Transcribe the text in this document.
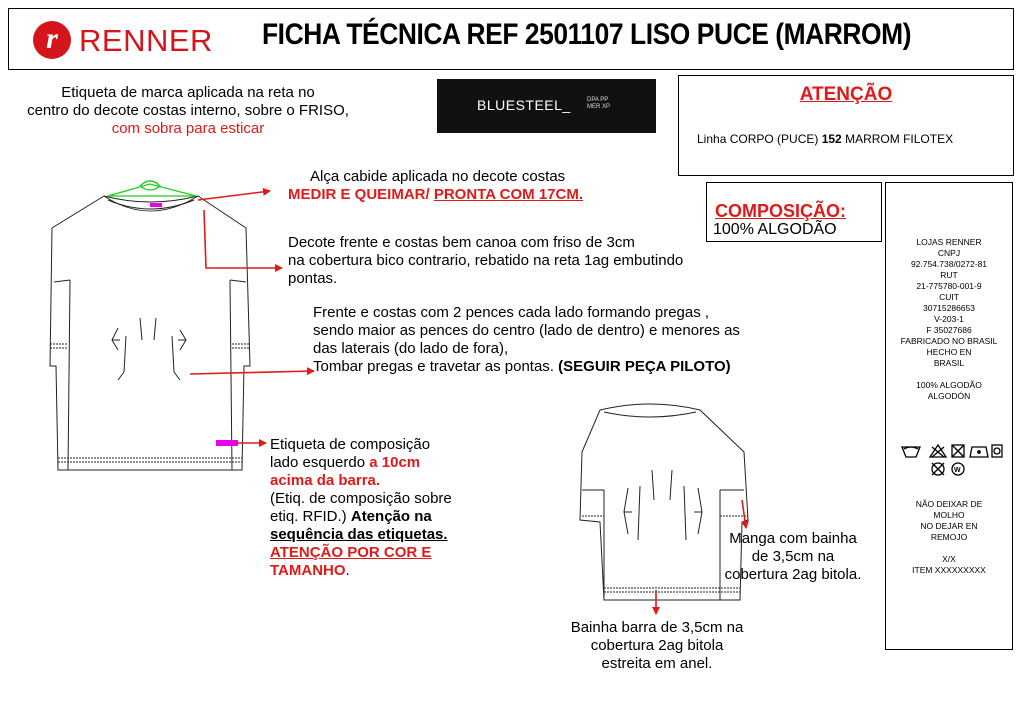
r RENNER FICHA TÉCNICA REF 2501107 LISO PUCE (MARROM)
Etiqueta de marca aplicada na reta no
centro do decote costas interno, sobre o FRISO,
com sobra para esticar
BLUESTEEL_	DPA PP
MER XP
ATENÇÃO
Linha CORPO (PUCE) 152 MARROM FILOTEX
COMPOSIÇÃO:
100% ALGODÃO
LOJAS RENNER
CNPJ
92.754.738/0272-81
RUT
21-775780-001-9
CUIT
30715286653
V-203-1
F 35027686
FABRICADO NO BRASIL
HECHO EN
BRASIL
100% ALGODÃO
ALGODÓN
W
NÃO DEIXAR DE
MOLHO
NO DEJAR EN
REMOJO
X/X
ITEM XXXXXXXXX
Alça cabide aplicada no decote costas
MEDIR E QUEIMAR/ PRONTA COM 17CM.
Decote frente e costas bem canoa com friso de 3cm
na cobertura bico contrario, rebatido na reta 1ag embutindo
pontas.
Frente e costas com 2 pences cada lado formando pregas ,
sendo maior as pences do centro (lado de dentro) e menores as
das laterais (do lado de fora),
Tombar pregas e travetar as pontas. (SEGUIR PEÇA PILOTO)
Etiqueta de composição
lado esquerdo a 10cm
acima da barra.
(Etiq. de composição sobre
etiq. RFID.) Atenção na
sequência das etiquetas.
ATENÇÃO POR COR E
TAMANHO.
Manga com bainha
de 3,5cm na
cobertura 2ag bitola.
Bainha barra de 3,5cm na
cobertura 2ag bitola
estreita em anel.
